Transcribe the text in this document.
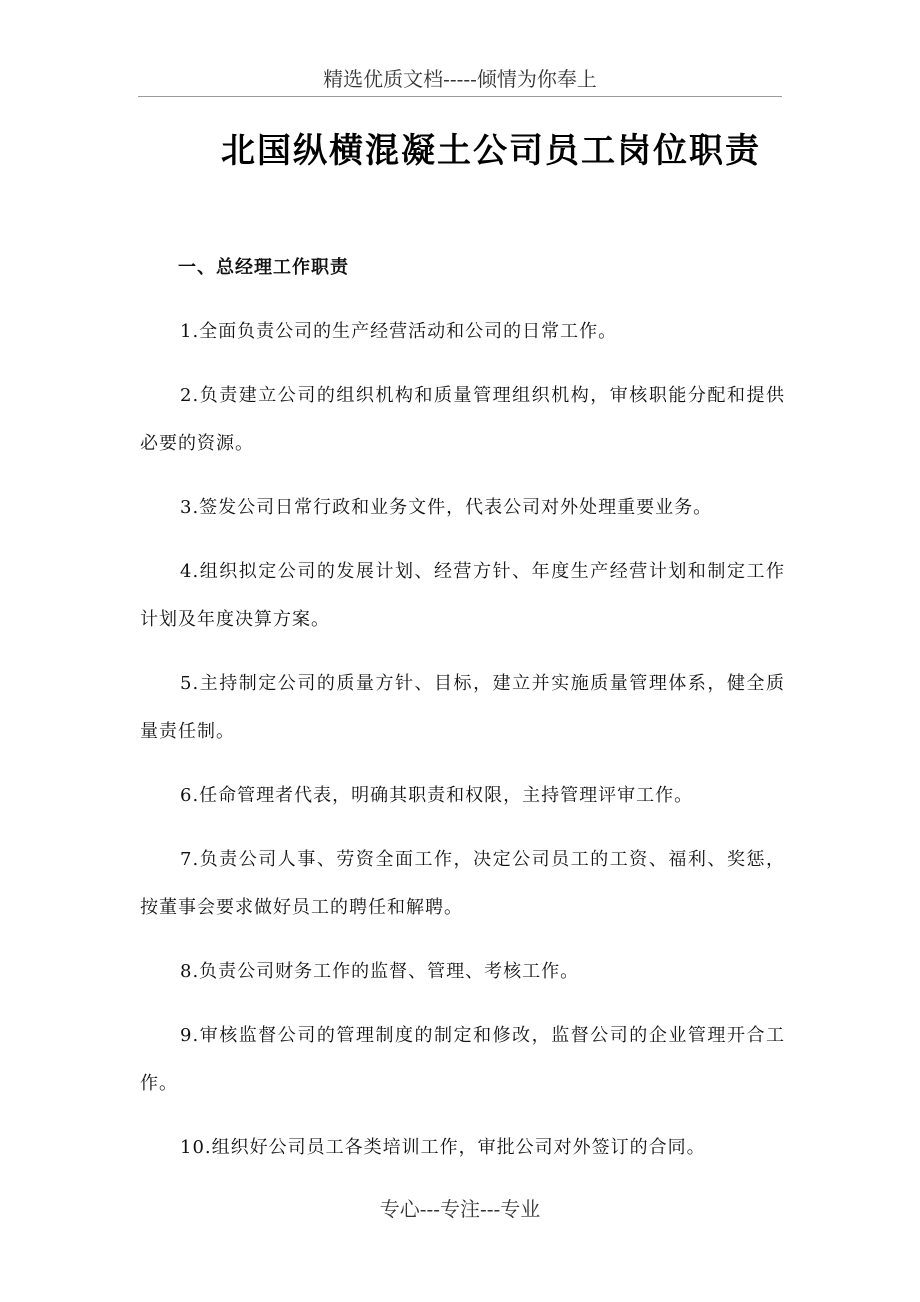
精选优质文档-----倾情为你奉上
北国纵横混凝土公司员工岗位职责
一、总经理工作职责

1.全面负责公司的生产经营活动和公司的日常工作。

2.负责建立公司的组织机构和质量管理组织机构，审核职能分配和提供必要的资源。

3.签发公司日常行政和业务文件，代表公司对外处理重要业务。

4.组织拟定公司的发展计划、经营方针、年度生产经营计划和制定工作计划及年度决算方案。

5.主持制定公司的质量方针、目标，建立并实施质量管理体系，健全质量责任制。

6.任命管理者代表，明确其职责和权限，主持管理评审工作。

7.负责公司人事、劳资全面工作，决定公司员工的工资、福利、奖惩，按董事会要求做好员工的聘任和解聘。

8.负责公司财务工作的监督、管理、考核工作。

9.审核监督公司的管理制度的制定和修改，监督公司的企业管理开合工作。

10.组织好公司员工各类培训工作，审批公司对外签订的合同。

专心---专注---专业
